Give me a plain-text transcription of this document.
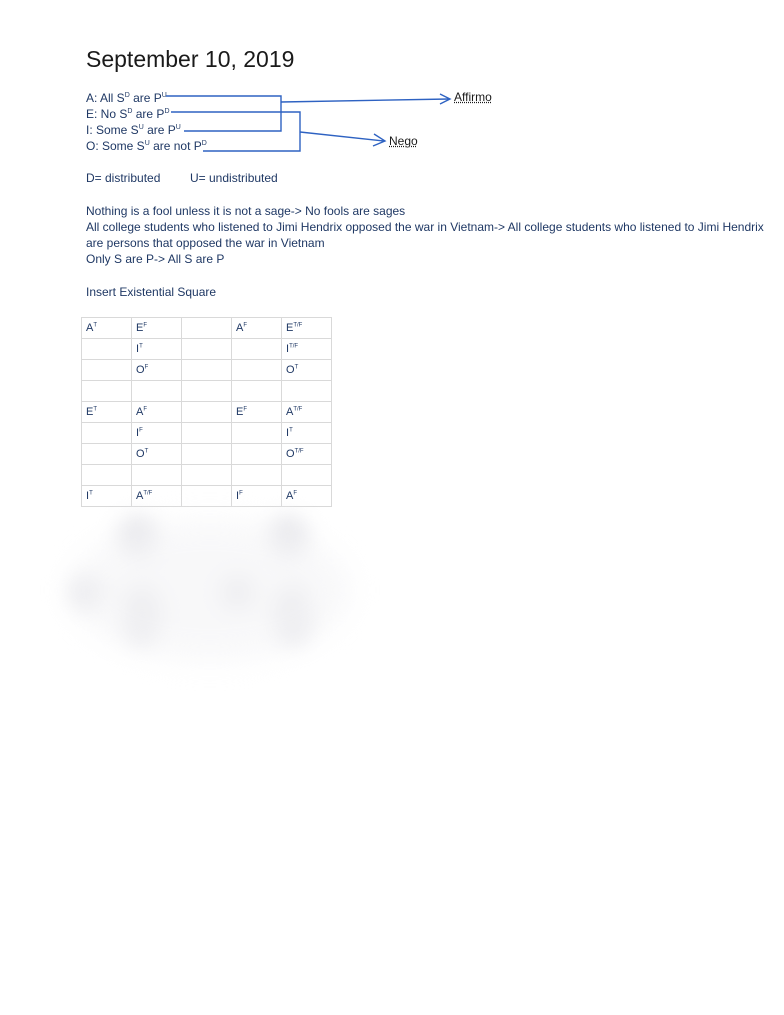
September 10, 2019
A: All $S^D$ are $P^U$
E: No $S^D$ are $P^D$
I: Some $S^U$ are $P^U$
O: Some $S^U$ are not $P^D$
Affirmo
Nego
D= distributed U= undistributed
Nothing is a fool unless it is not a sage-> No fools are sages
All college students who listened to Jimi Hendrix opposed the war in Vietnam-> All college students who listened to Jimi Hendrix
are persons that opposed the war in Vietnam
Only S are P-> All S are P
Insert Existential Square
$A^T$	$E^F$		$A^F$	$E^{T/F}$
	$I^T$			$I^{T/F}$
	$O^F$			$O^T$

$E^T$	$A^F$		$E^F$	$A^{T/F}$
	$I^F$			$I^T$
	$O^T$			$O^{T/F}$

$I^T$	$A^{T/F}$		$I^F$	$A^F$
